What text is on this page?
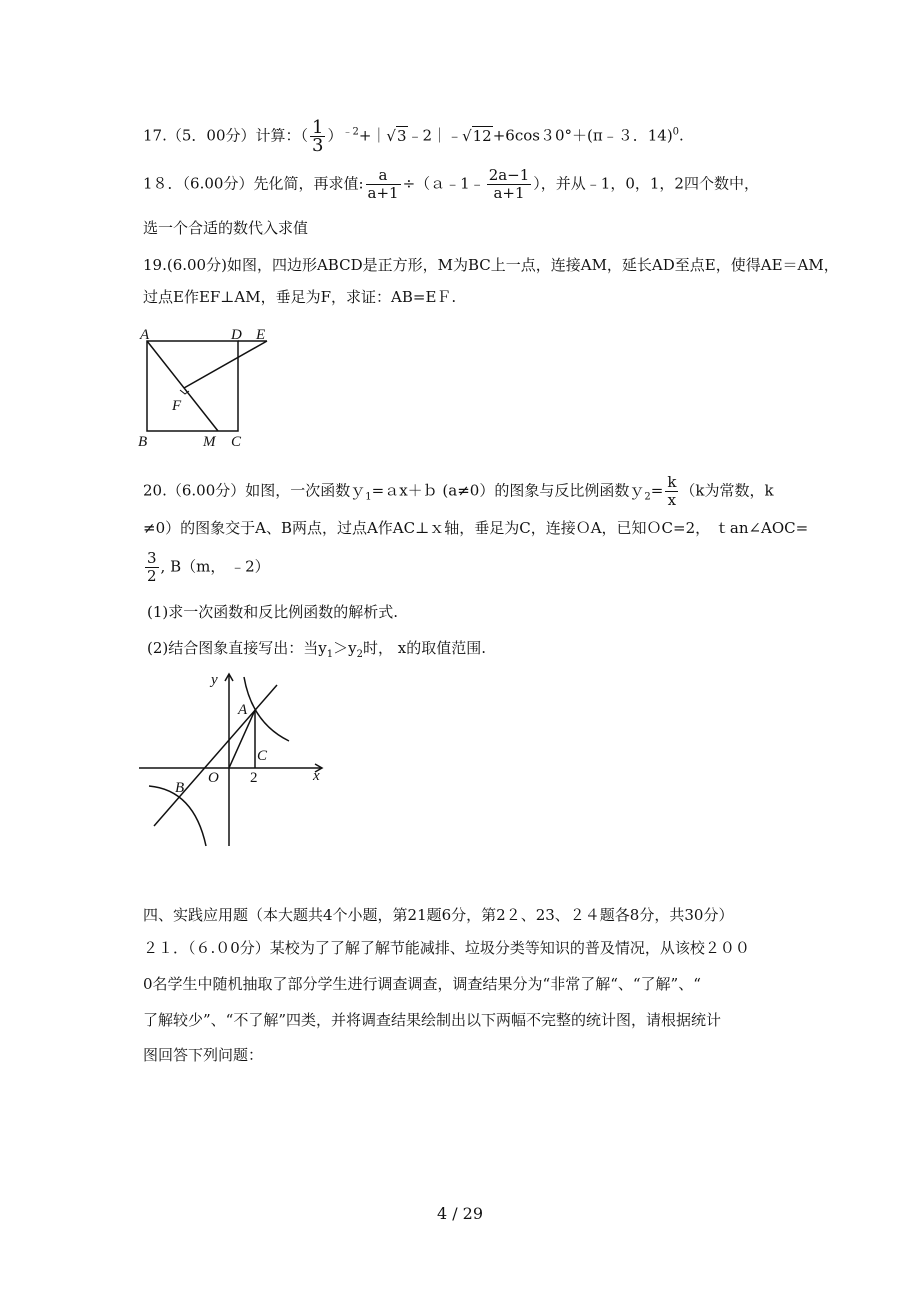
17.（5．00分）计算：（ $\frac{1}{3}$ ）$^{﹣2}$+｜√3﹣2｜﹣√12+6cos３0°＋(π﹣３．14)$^0$.
1８．（6.00分）先化简，再求值: $\frac{a}{a+1}$ ÷（ａ﹣1﹣ $\frac{2a-1}{a+1}$ ），并从﹣1，0，1，2四个数中，
选一个合适的数代入求值
19.(6.00分)如图，四边形ABCD是正方形，M为BC上一点，连接AM，延长AD至点E，使得AE＝AM，
过点E作EF⊥AM，垂足为F，求证：AB=EＦ.
A	D E
F
B	M C
20.（6.00分）如图，一次函数ｙ$_1$=ａx＋ｂ (a≠0）的图象与反比例函数ｙ$_2$= $\frac{k}{x} (k$为常数，k
≠0）的图象交于A、B两点，过点A作AC⊥ｘ轴，垂足为C，连接ＯA，已知ＯC=2， ｔan∠AOC=
$\frac{3}{2}$ , B（m， ﹣2）
(1)求一次函数和反比例函数的解析式.
(2)结合图象直接写出：当$y_1>y_2$时， x的取值范围.
y
A
C
O 2	x
B
四、实践应用题（本大题共4个小题，第21题6分，第2２、23、２４题各8分，共30分）
２１．（６.０0分）某校为了了解了解节能减排、垃圾分类等知识的普及情况，从该校２００
0名学生中随机抽取了部分学生进行调查调查，调查结果分为“非常了解“、“了解”、“
了解较少”、“不了解”四类，并将调查结果绘制出以下两幅不完整的统计图，请根据统计
图回答下列问题：
4 / 29
